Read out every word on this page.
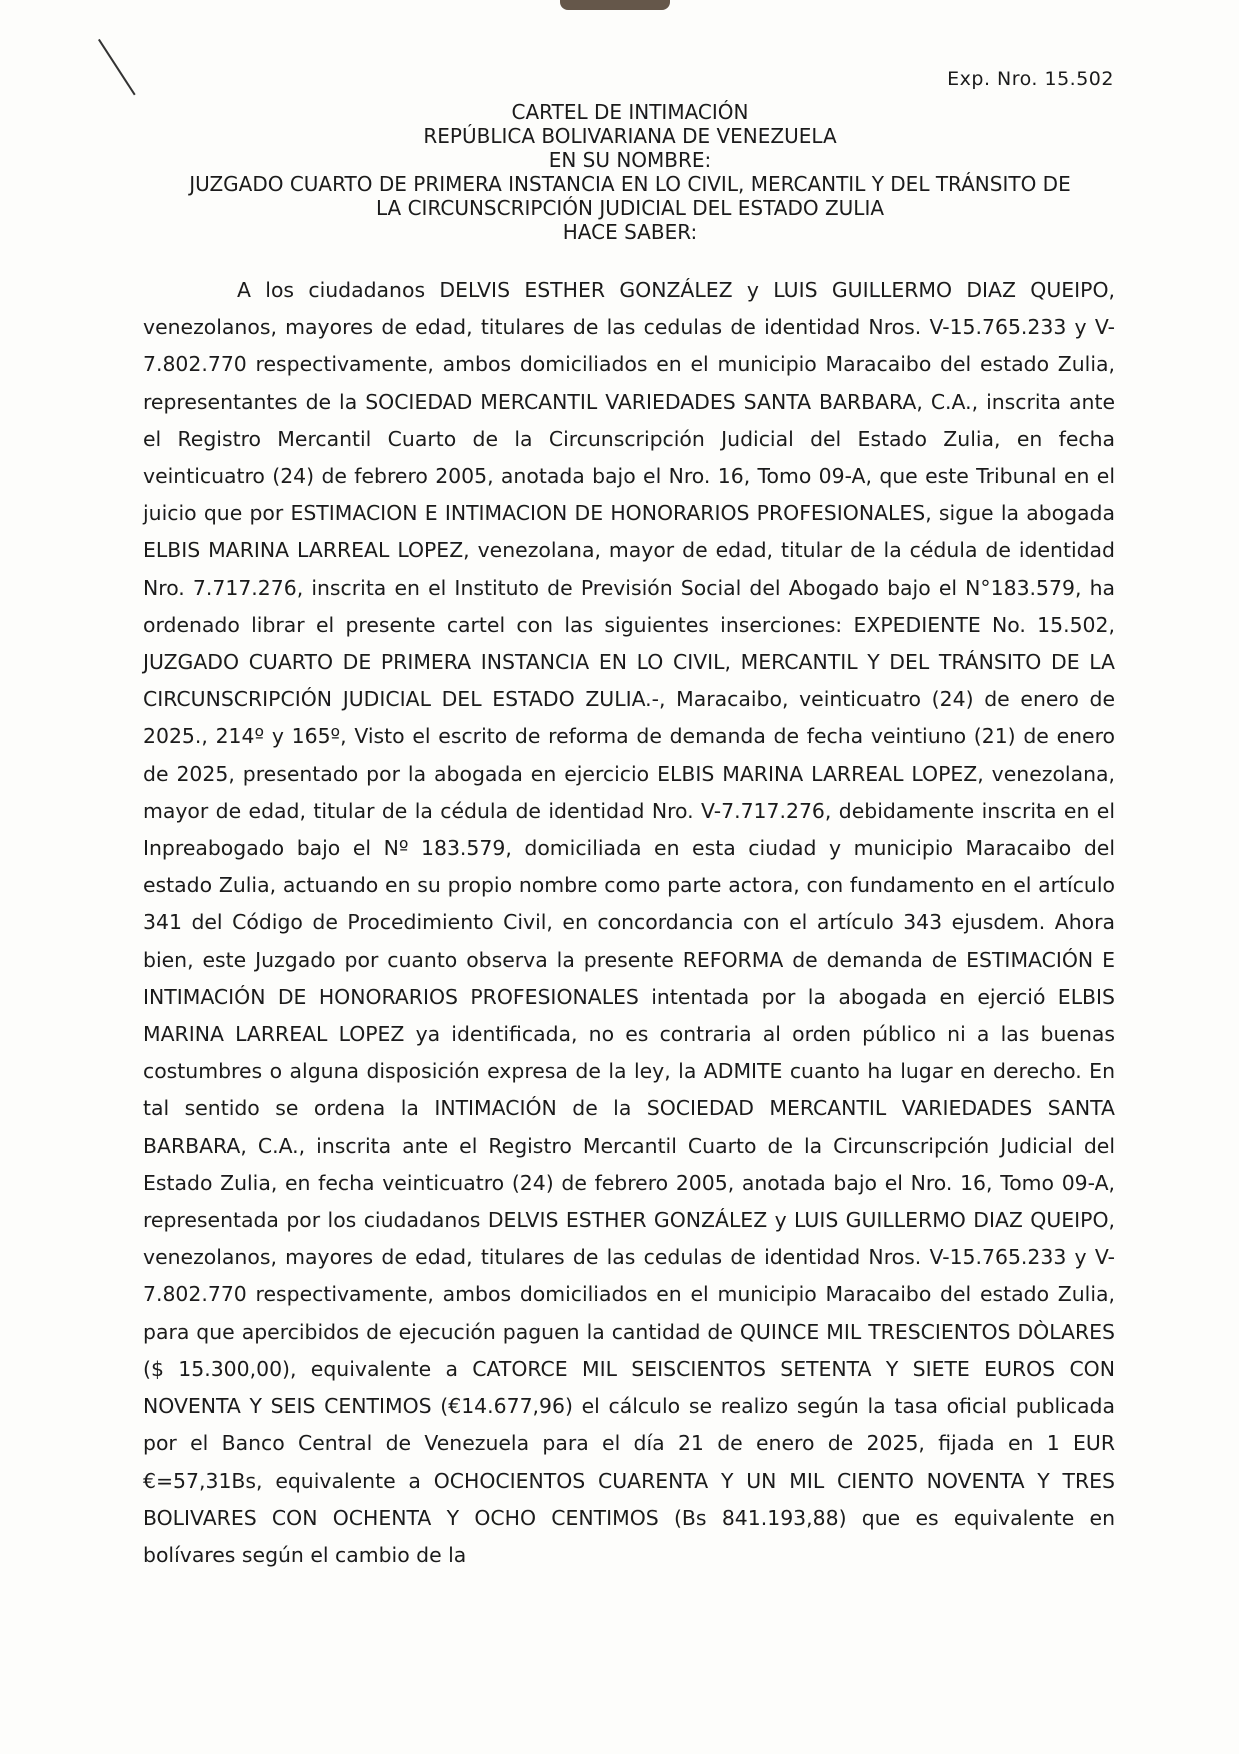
Exp. Nro. 15.502
CARTEL DE INTIMACIÓN
REPÚBLICA BOLIVARIANA DE VENEZUELA
EN SU NOMBRE:
JUZGADO CUARTO DE PRIMERA INSTANCIA EN LO CIVIL, MERCANTIL Y DEL TRÁNSITO DE
LA CIRCUNSCRIPCIÓN JUDICIAL DEL ESTADO ZULIA
HACE SABER:

A los ciudadanos DELVIS ESTHER GONZÁLEZ y LUIS GUILLERMO DIAZ QUEIPO, venezolanos, mayores de edad, titulares de las cedulas de identidad Nros. V-15.765.233 y V-7.802.770 respectivamente, ambos domiciliados en el municipio Maracaibo del estado Zulia, representantes de la SOCIEDAD MERCANTIL VARIEDADES SANTA BARBARA, C.A., inscrita ante el Registro Mercantil Cuarto de la Circunscripción Judicial del Estado Zulia, en fecha veinticuatro (24) de febrero 2005, anotada bajo el Nro. 16, Tomo 09-A, que este Tribunal en el juicio que por ESTIMACION E INTIMACION DE HONORARIOS PROFESIONALES, sigue la abogada ELBIS MARINA LARREAL LOPEZ, venezolana, mayor de edad, titular de la cédula de identidad Nro. 7.717.276, inscrita en el Instituto de Previsión Social del Abogado bajo el N°183.579, ha ordenado librar el presente cartel con las siguientes inserciones: EXPEDIENTE No. 15.502, JUZGADO CUARTO DE PRIMERA INSTANCIA EN LO CIVIL, MERCANTIL Y DEL TRÁNSITO DE LA CIRCUNSCRIPCIÓN JUDICIAL DEL ESTADO ZULIA.-, Maracaibo, veinticuatro (24) de enero de 2025., 214º y 165º, Visto el escrito de reforma de demanda de fecha veintiuno (21) de enero de 2025, presentado por la abogada en ejercicio ELBIS MARINA LARREAL LOPEZ, venezolana, mayor de edad, titular de la cédula de identidad Nro. V-7.717.276, debidamente inscrita en el Inpreabogado bajo el Nº 183.579, domiciliada en esta ciudad y municipio Maracaibo del estado Zulia, actuando en su propio nombre como parte actora, con fundamento en el artículo 341 del Código de Procedimiento Civil, en concordancia con el artículo 343 ejusdem. Ahora bien, este Juzgado por cuanto observa la presente REFORMA de demanda de ESTIMACIÓN E INTIMACIÓN DE HONORARIOS PROFESIONALES intentada por la abogada en ejerció ELBIS MARINA LARREAL LOPEZ ya identificada, no es contraria al orden público ni a las buenas costumbres o alguna disposición expresa de la ley, la ADMITE cuanto ha lugar en derecho. En tal sentido se ordena la INTIMACIÓN de la SOCIEDAD MERCANTIL VARIEDADES SANTA BARBARA, C.A., inscrita ante el Registro Mercantil Cuarto de la Circunscripción Judicial del Estado Zulia, en fecha veinticuatro (24) de febrero 2005, anotada bajo el Nro. 16, Tomo 09-A, representada por los ciudadanos DELVIS ESTHER GONZÁLEZ y LUIS GUILLERMO DIAZ QUEIPO, venezolanos, mayores de edad, titulares de las cedulas de identidad Nros. V-15.765.233 y V-7.802.770 respectivamente, ambos domiciliados en el municipio Maracaibo del estado Zulia, para que apercibidos de ejecución paguen la cantidad de QUINCE MIL TRESCIENTOS DÒLARES ($ 15.300,00), equivalente a CATORCE MIL SEISCIENTOS SETENTA Y SIETE EUROS CON NOVENTA Y SEIS CENTIMOS (€14.677,96) el cálculo se realizo según la tasa oficial publicada por el Banco Central de Venezuela para el día 21 de enero de 2025, fijada en 1 EUR €=57,31Bs, equivalente a OCHOCIENTOS CUARENTA Y UN MIL CIENTO NOVENTA Y TRES BOLIVARES CON OCHENTA Y OCHO CENTIMOS (Bs 841.193,88) que es equivalente en bolívares según el cambio de la
